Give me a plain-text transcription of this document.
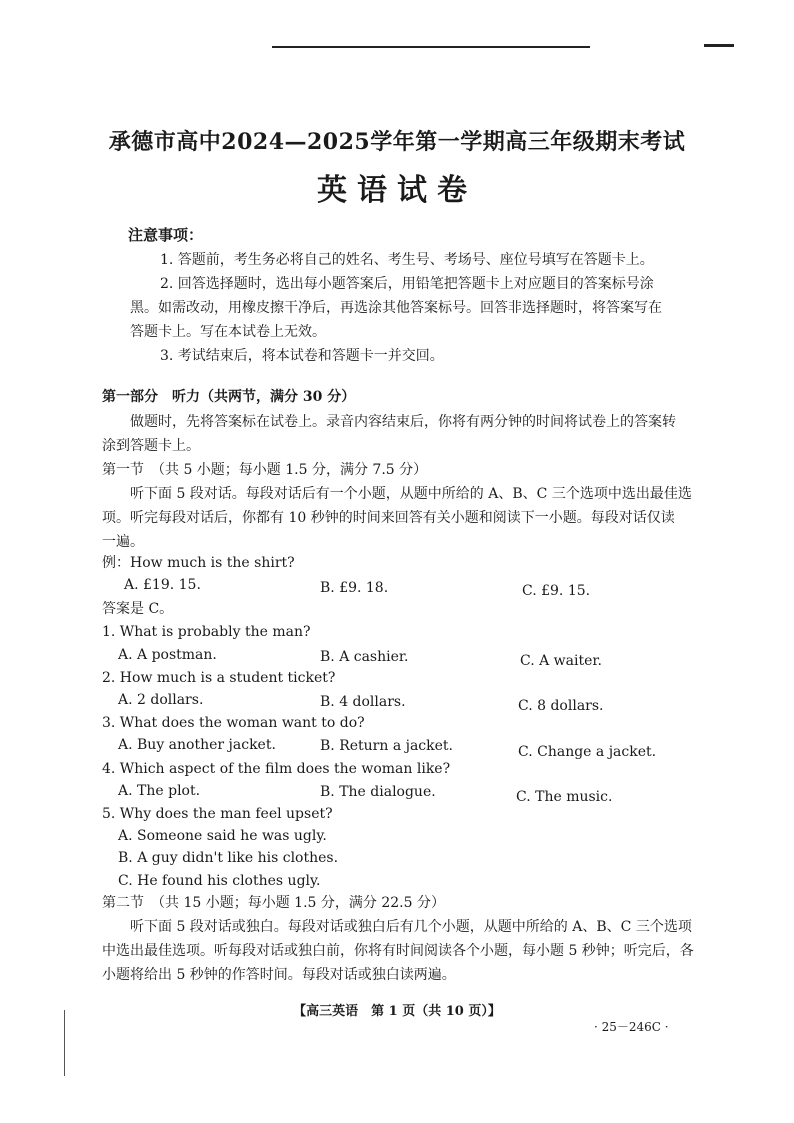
承德市高中2024—2025学年第一学期高三年级期末考试
英语试卷
注意事项：
1. 答题前，考生务必将自己的姓名、考生号、考场号、座位号填写在答题卡上。
2. 回答选择题时，选出每小题答案后，用铅笔把答题卡上对应题目的答案标号涂
黑。如需改动，用橡皮擦干净后，再选涂其他答案标号。回答非选择题时，将答案写在
答题卡上。写在本试卷上无效。
3. 考试结束后，将本试卷和答题卡一并交回。
第一部分　听力（共两节，满分 30 分）
做题时，先将答案标在试卷上。录音内容结束后，你将有两分钟的时间将试卷上的答案转
涂到答题卡上。
第一节　（共 5 小题；每小题 1.5 分，满分 7.5 分）
听下面 5 段对话。每段对话后有一个小题，从题中所给的 A、B、C 三个选项中选出最佳选
项。听完每段对话后，你都有 10 秒钟的时间来回答有关小题和阅读下一小题。每段对话仅读
一遍。
例：How much is the shirt?
A. £19. 15.	B. £9. 18.	C. £9. 15.
答案是 C。
1. What is probably the man?
A. A postman.	B. A cashier.	C. A waiter.
2. How much is a student ticket?
A. 2 dollars.	B. 4 dollars.	C. 8 dollars.
3. What does the woman want to do?
A. Buy another jacket.	B. Return a jacket.	C. Change a jacket.
4. Which aspect of the film does the woman like?
A. The plot.	B. The dialogue.	C. The music.
5. Why does the man feel upset?
A. Someone said he was ugly.
B. A guy didn't like his clothes.
C. He found his clothes ugly.
第二节　（共 15 小题；每小题 1.5 分，满分 22.5 分）
听下面 5 段对话或独白。每段对话或独白后有几个小题，从题中所给的 A、B、C 三个选项
中选出最佳选项。听每段对话或独白前，你将有时间阅读各个小题，每小题 5 秒钟；听完后，各
小题将给出 5 秒钟的作答时间。每段对话或独白读两遍。
【高三英语　第 1 页（共 10 页）】
· 25－246C ·
